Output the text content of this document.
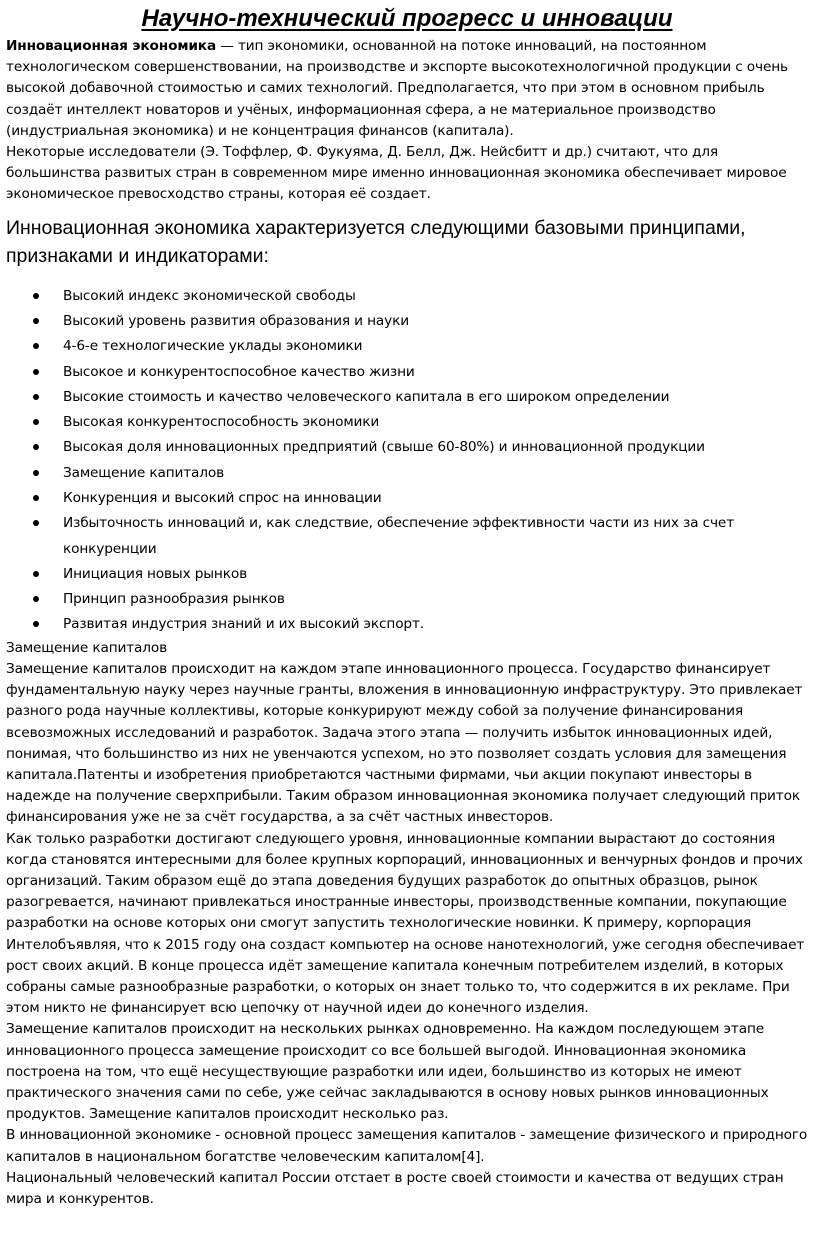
Научно-технический прогресс и инновации

Инновационная экономика — тип экономики, основанной на потоке инноваций, на постоянном технологическом совершенствовании, на производстве и экспорте высокотехнологичной продукции с очень высокой добавочной стоимостью и самих технологий. Предполагается, что при этом в основном прибыль создаёт интеллект новаторов и учёных, информационная сфера, а не материальное производство (индустриальная экономика) и не концентрация финансов (капитала).

Некоторые исследователи (Э. Тоффлер, Ф. Фукуяма, Д. Белл, Дж. Нейсбитт и др.) считают, что для большинства развитых стран в современном мире именно инновационная экономика обеспечивает мировое экономическое превосходство страны, которая её создает.

Инновационная экономика характеризуется следующими базовыми принципами, признаками и индикаторами:
Высокий индекс экономической свободы
Высокий уровень развития образования и науки
4-6-е технологические уклады экономики
Высокое и конкурентоспособное качество жизни
Высокие стоимость и качество человеческого капитала в его широком определении
Высокая конкурентоспособность экономики
Высокая доля инновационных предприятий (свыше 60-80%) и инновационной продукции
Замещение капиталов
Конкуренция и высокий спрос на инновации
Избыточность инноваций и, как следствие, обеспечение эффективности части из них за счет конкуренции
Инициация новых рынков
Принцип разнообразия рынков
Развитая индустрия знаний и их высокий экспорт.

Замещение капиталов

Замещение капиталов происходит на каждом этапе инновационного процесса. Государство финансирует фундаментальную науку через научные гранты, вложения в инновационную инфраструктуру. Это привлекает разного рода научные коллективы, которые конкурируют между собой за получение финансирования всевозможных исследований и разработок. Задача этого этапа — получить избыток инновационных идей, понимая, что большинство из них не увенчаются успехом, но это позволяет создать условия для замещения капитала.Патенты и изобретения приобретаются частными фирмами, чьи акции покупают инвесторы в надежде на получение сверхприбыли. Таким образом инновационная экономика получает следующий приток финансирования уже не за счёт государства, а за счёт частных инвесторов.

Как только разработки достигают следующего уровня, инновационные компании вырастают до состояния когда становятся интересными для более крупных корпораций, инновационных и венчурных фондов и прочих организаций. Таким образом ещё до этапа доведения будущих разработок до опытных образцов, рынок разогревается, начинают привлекаться иностранные инвесторы, производственные компании, покупающие разработки на основе которых они смогут запустить технологические новинки. К примеру, корпорация Интелобъявляя, что к 2015 году она создаст компьютер на основе нанотехнологий, уже сегодня обеспечивает рост своих акций. В конце процесса идёт замещение капитала конечным потребителем изделий, в которых собраны самые разнообразные разработки, о которых он знает только то, что содержится в их рекламе. При этом никто не финансирует всю цепочку от научной идеи до конечного изделия.

Замещение капиталов происходит на нескольких рынках одновременно. На каждом последующем этапе инновационного процесса замещение происходит со все большей выгодой. Инновационная экономика построена на том, что ещё несуществующие разработки или идеи, большинство из которых не имеют практического значения сами по себе, уже сейчас закладываются в основу новых рынков инновационных продуктов. Замещение капиталов происходит несколько раз.

В инновационной экономике - основной процесс замещения капиталов - замещение физического и природного капиталов в национальном богатстве человеческим капиталом[4].

Национальный человеческий капитал России отстает в росте своей стоимости и качества от ведущих стран мира и конкурентов.
